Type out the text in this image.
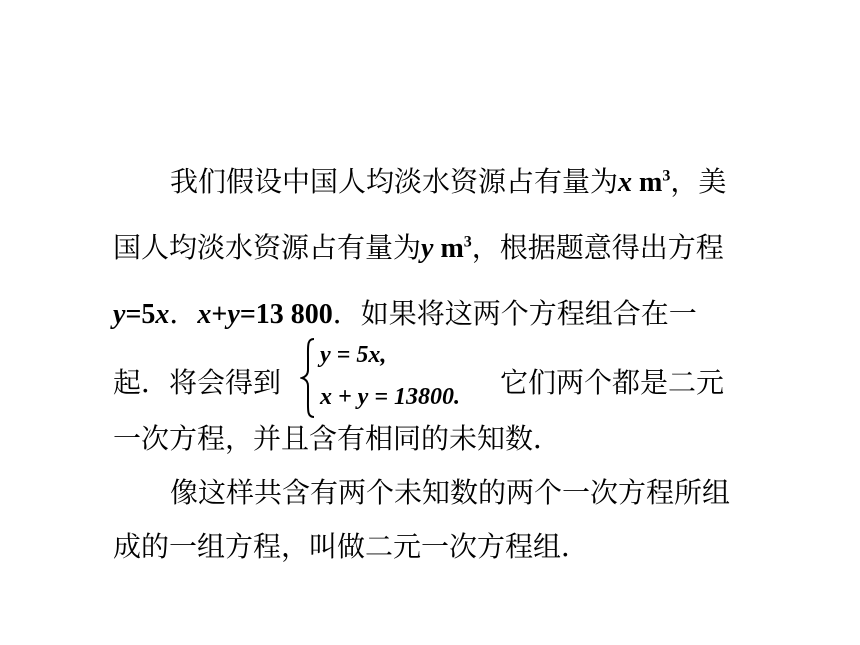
我们假设中国人均淡水资源占有量为x $m^3$，美
国人均淡水资源占有量为y $m^3$，根据题意得出方程
y=5x．x+y=13 800．如果将这两个方程组合在一
起．将会得到
y = 5x,
x + y = 13800. 它们两个都是二元
一次方程，并且含有相同的未知数．
像这样共含有两个未知数的两个一次方程所组
成的一组方程，叫做二元一次方程组．
